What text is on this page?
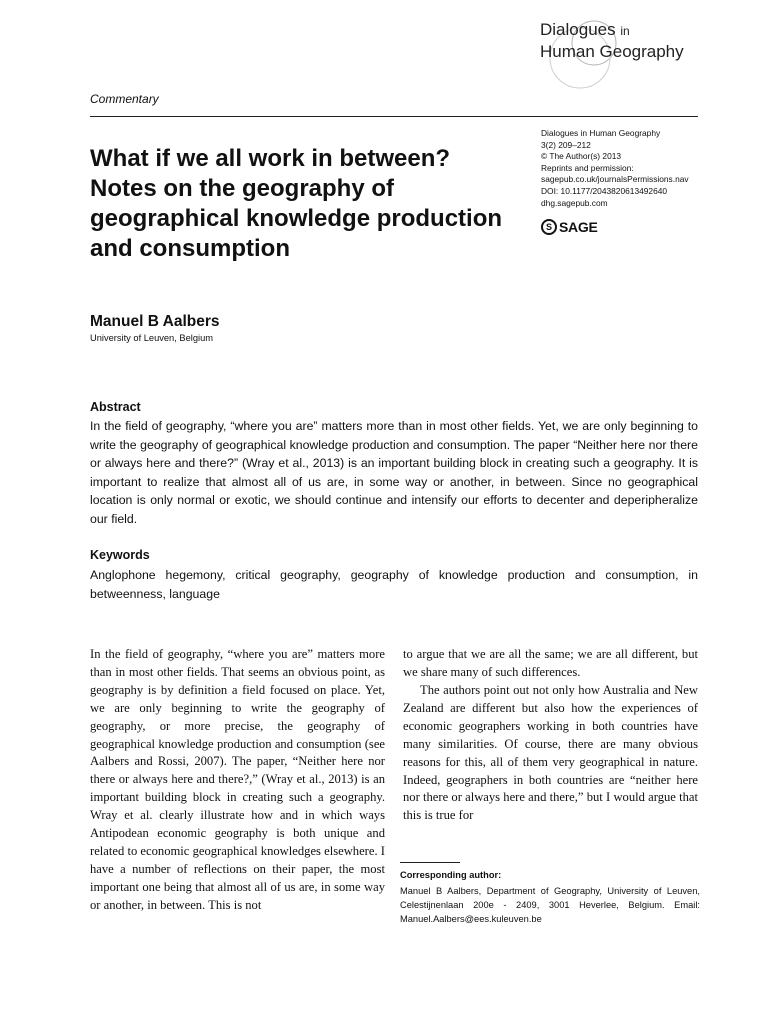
Dialogues in
Human Geography
Commentary
What if we all work in between? Notes on the geography of geographical knowledge production and consumption
Dialogues in Human Geography
3(2) 209–212
© The Author(s) 2013
Reprints and permission:
sagepub.co.uk/journalsPermissions.nav
DOI: 10.1177/2043820613492640
dhg.sagepub.com
S SAGE
Manuel B Aalbers
University of Leuven, Belgium
Abstract

In the field of geography, “where you are” matters more than in most other fields. Yet, we are only beginning to write the geography of geographical knowledge production and consumption. The paper “Neither here nor there or always here and there?” (Wray et al., 2013) is an important building block in creating such a geography. It is important to realize that almost all of us are, in some way or another, in between. Since no geographical location is only normal or exotic, we should continue and intensify our efforts to decenter and deperipheralize our field.

Keywords

Anglophone hegemony, critical geography, geography of knowledge production and consumption, in betweenness, language

In the field of geography, “where you are” matters more than in most other fields. That seems an obvious point, as geography is by definition a field focused on place. Yet, we are only beginning to write the geography of geography, or more precise, the geography of geographical knowledge production and consumption (see Aalbers and Rossi, 2007). The paper, “Neither here nor there or always here and there?,” (Wray et al., 2013) is an important building block in creating such a geography. Wray et al. clearly illustrate how and in which ways Antipodean economic geography is both unique and related to economic geographical knowledges elsewhere. I have a number of reflections on their paper, the most important one being that almost all of us are, in some way or another, in between. This is not

to argue that we are all the same; we are all different, but we share many of such differences.

The authors point out not only how Australia and New Zealand are different but also how the experiences of economic geographers working in both countries have many similarities. Of course, there are many obvious reasons for this, all of them very geographical in nature. Indeed, geographers in both countries are “neither here nor there or always here and there,” but I would argue that this is true for

Corresponding author:

Manuel B Aalbers, Department of Geography, University of Leuven, Celestijnenlaan 200e - 2409, 3001 Heverlee, Belgium. Email: Manuel.Aalbers@ees.kuleuven.be
